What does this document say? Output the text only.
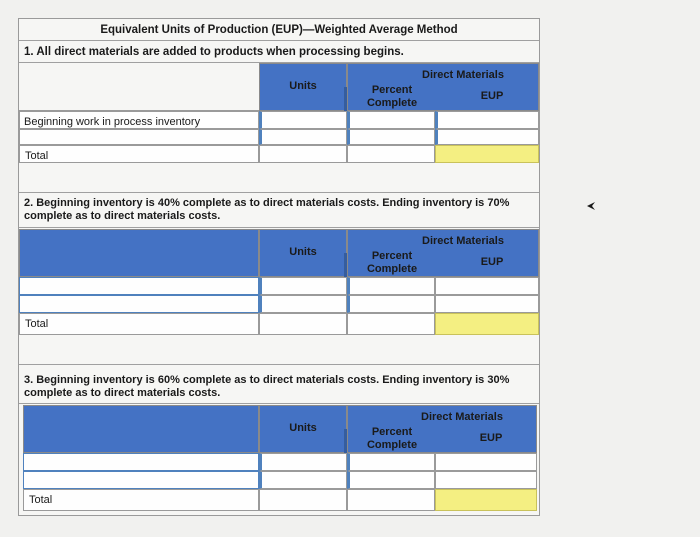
Equivalent Units of Production (EUP)—Weighted Average Method
1. All direct materials are added to products when processing begins.
Units
Direct Materials
Percent
Complete
EUP
Beginning work in process inventory
Total
2. Beginning inventory is 40% complete as to direct materials costs. Ending inventory is 70% complete as to direct materials costs.
Units
Direct Materials
Percent
Complete
EUP
Total
3. Beginning inventory is 60% complete as to direct materials costs. Ending inventory is 30% complete as to direct materials costs.
Units
Direct Materials
Percent
Complete
EUP
Total
